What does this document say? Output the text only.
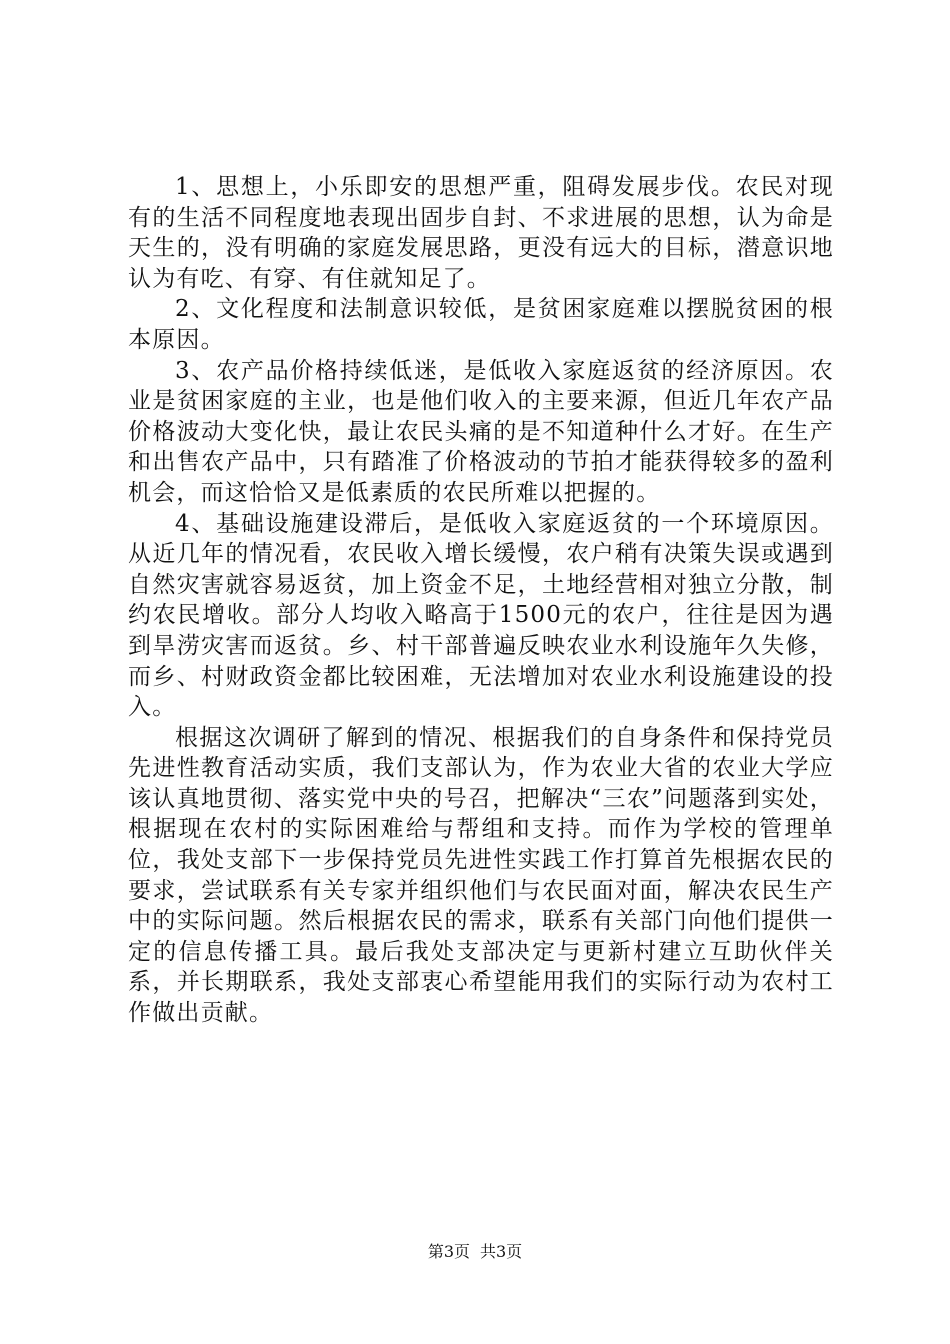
1、思想上，小乐即安的思想严重，阻碍发展步伐。农民对现有的生活不同程度地表现出固步自封、不求进展的思想，认为命是天生的，没有明确的家庭发展思路，更没有远大的目标，潜意识地认为有吃、有穿、有住就知足了。

2、文化程度和法制意识较低，是贫困家庭难以摆脱贫困的根本原因。

3、农产品价格持续低迷，是低收入家庭返贫的经济原因。农业是贫困家庭的主业，也是他们收入的主要来源，但近几年农产品价格波动大变化快，最让农民头痛的是不知道种什么才好。在生产和出售农产品中，只有踏准了价格波动的节拍才能获得较多的盈利机会，而这恰恰又是低素质的农民所难以把握的。

4、基础设施建设滞后，是低收入家庭返贫的一个环境原因。从近几年的情况看，农民收入增长缓慢，农户稍有决策失误或遇到自然灾害就容易返贫，加上资金不足，土地经营相对独立分散，制约农民增收。部分人均收入略高于1500元的农户，往往是因为遇到旱涝灾害而返贫。乡、村干部普遍反映农业水利设施年久失修，而乡、村财政资金都比较困难，无法增加对农业水利设施建设的投入。

根据这次调研了解到的情况、根据我们的自身条件和保持党员先进性教育活动实质，我们支部认为，作为农业大省的农业大学应该认真地贯彻、落实党中央的号召，把解决“三农”问题落到实处，根据现在农村的实际困难给与帮组和支持。而作为学校的管理单位，我处支部下一步保持党员先进性实践工作打算首先根据农民的要求，尝试联系有关专家并组织他们与农民面对面，解决农民生产中的实际问题。然后根据农民的需求，联系有关部门向他们提供一定的信息传播工具。最后我处支部决定与更新村建立互助伙伴关系，并长期联系，我处支部衷心希望能用我们的实际行动为农村工作做出贡献。

第3页 共3页
